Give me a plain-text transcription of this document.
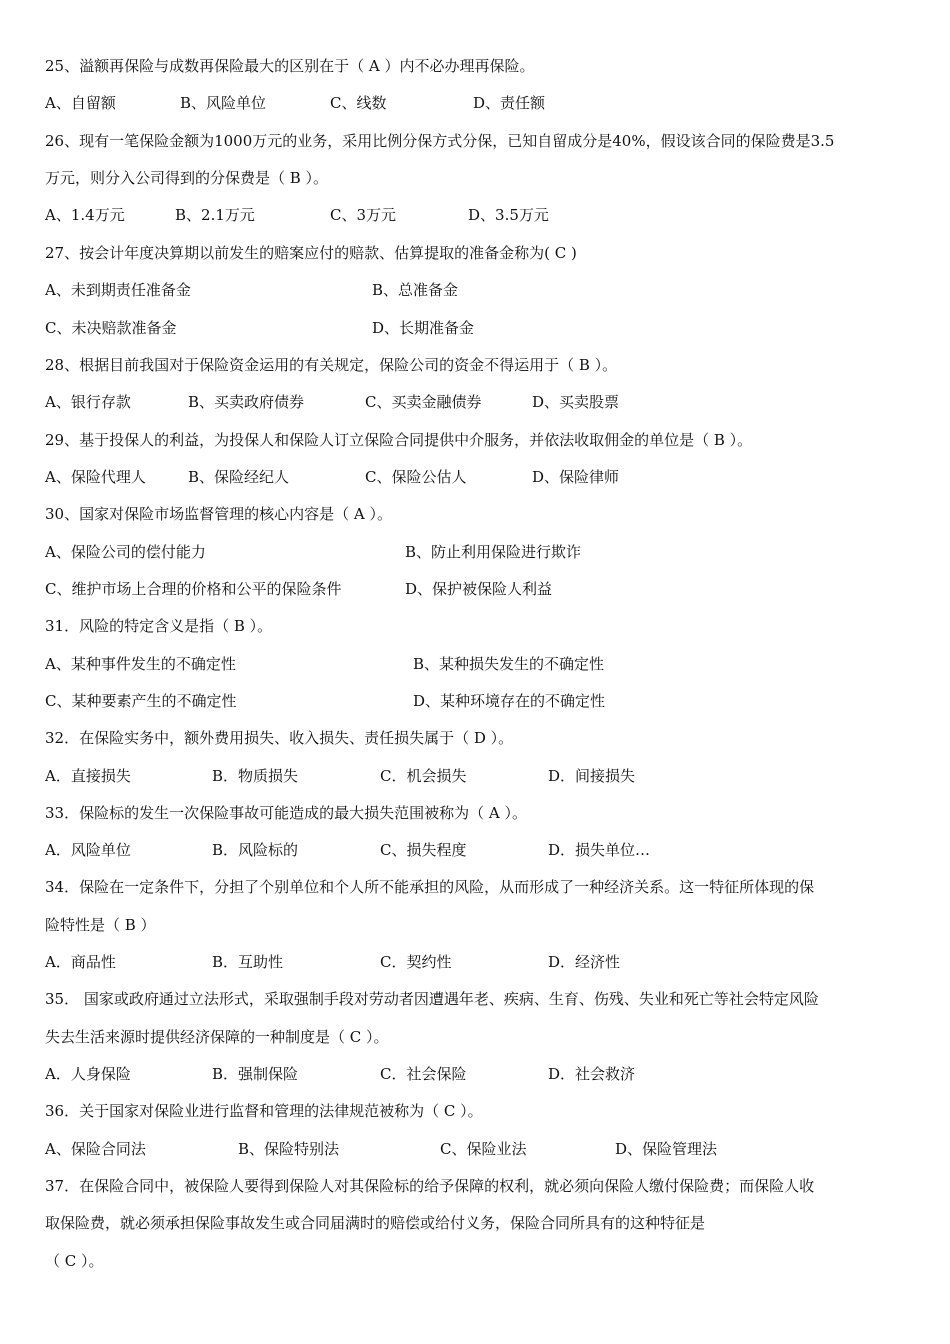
25、溢额再保险与成数再保险最大的区别在于（ A ）内不必办理再保险。
A、自留额	B、风险单位	C、线数	D、责任额
26、现有一笔保险金额为1000万元的业务，采用比例分保方式分保，已知自留成分是40%，假设该合同的保险费是3.5
万元，则分入公司得到的分保费是（ B ）。
A、1.4万元	B、2.1万元	C、3万元	D、3.5万元
27、按会计年度决算期以前发生的赔案应付的赔款、估算提取的准备金称为( C )
A、未到期责任准备金	B、总准备金
C、未决赔款准备金	D、长期准备金
28、根据目前我国对于保险资金运用的有关规定，保险公司的资金不得运用于（ B ）。
A、银行存款	B、买卖政府债券	C、买卖金融债券	D、买卖股票
29、基于投保人的利益，为投保人和保险人订立保险合同提供中介服务，并依法收取佣金的单位是（ B ）。
A、保险代理人	B、保险经纪人	C、保险公估人	D、保险律师
30、国家对保险市场监督管理的核心内容是（ A ）。
A、保险公司的偿付能力	B、防止利用保险进行欺诈
C、维护市场上合理的价格和公平的保险条件	D、保护被保险人利益
31．风险的特定含义是指（ B ）。
A、某种事件发生的不确定性	B、某种损失发生的不确定性
C、某种要素产生的不确定性	D、某种环境存在的不确定性
32．在保险实务中，额外费用损失、收入损失、责任损失属于（ D ）。
A．直接损失	B．物质损失	C．机会损失	D．间接损失
33．保险标的发生一次保险事故可能造成的最大损失范围被称为（ A ）。
A．风险单位	B．风险标的	C、损失程度	D．损失单位…
34．保险在一定条件下，分担了个别单位和个人所不能承担的风险，从而形成了一种经济关系。这一特征所体现的保
险特性是（ B ）
A．商品性	B．互助性	C．契约性	D．经济性
35． 国家或政府通过立法形式，采取强制手段对劳动者因遭遇年老、疾病、生育、伤残、失业和死亡等社会特定风险
失去生活来源时提供经济保障的一种制度是（ C ）。
A．人身保险	B．强制保险	C．社会保险	D．社会救济
36．关于国家对保险业进行监督和管理的法律规范被称为（ C ）。
A、保险合同法	B、保险特别法	C、保险业法	D、保险管理法
37．在保险合同中，被保险人要得到保险人对其保险标的给予保障的权利，就必须向保险人缴付保险费；而保险人收
取保险费，就必须承担保险事故发生或合同届满时的赔偿或给付义务，保险合同所具有的这种特征是
（ C ）。
